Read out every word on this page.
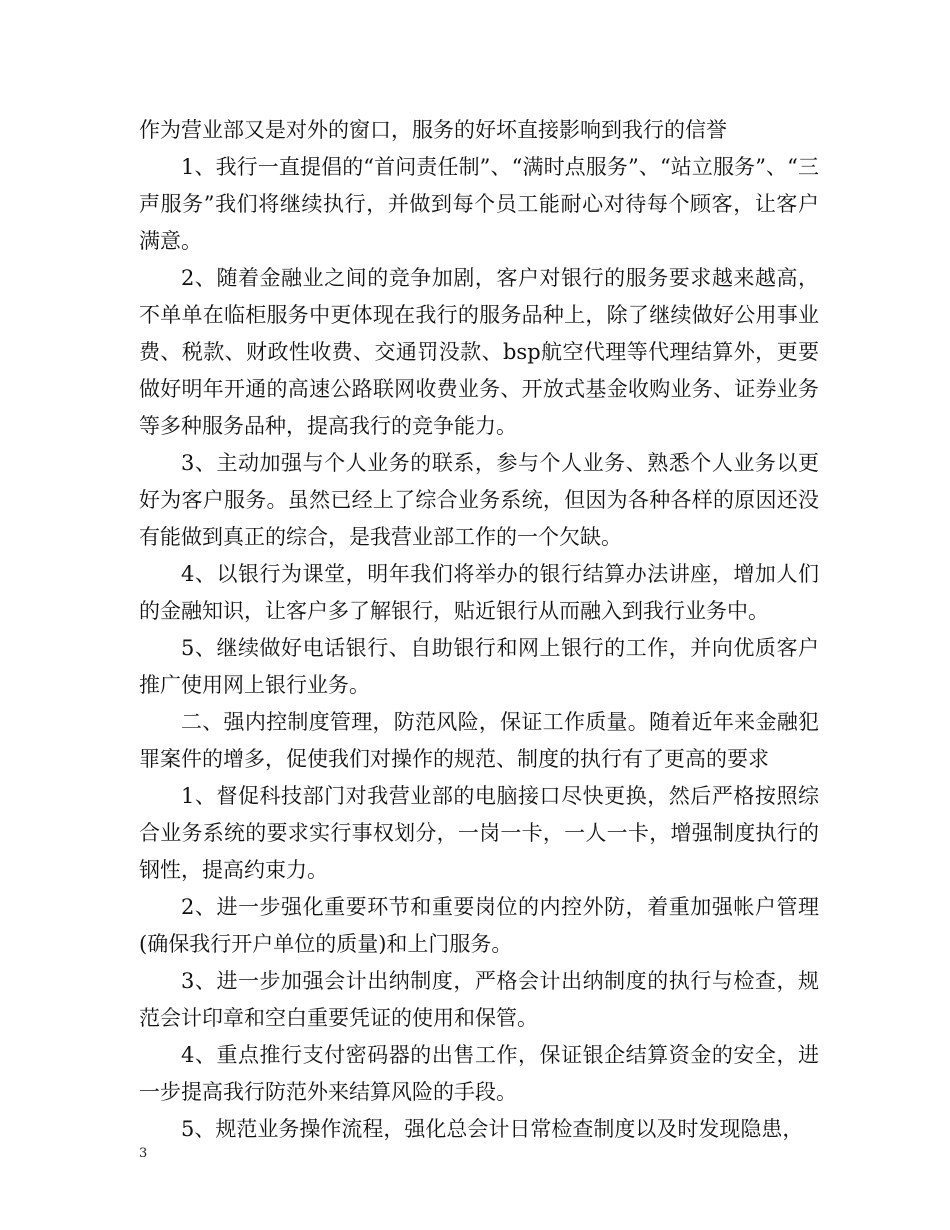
作为营业部又是对外的窗口，服务的好坏直接影响到我行的信誉

1、我行一直提倡的“首问责任制”、“满时点服务”、“站立服务”、“三声服务”我们将继续执行，并做到每个员工能耐心对待每个顾客，让客户满意。

2、随着金融业之间的竞争加剧，客户对银行的服务要求越来越高，不单单在临柜服务中更体现在我行的服务品种上，除了继续做好公用事业费、税款、财政性收费、交通罚没款、bsp航空代理等代理结算外，更要做好明年开通的高速公路联网收费业务、开放式基金收购业务、证券业务等多种服务品种，提高我行的竞争能力。

3、主动加强与个人业务的联系，参与个人业务、熟悉个人业务以更好为客户服务。虽然已经上了综合业务系统，但因为各种各样的原因还没有能做到真正的综合，是我营业部工作的一个欠缺。

4、以银行为课堂，明年我们将举办的银行结算办法讲座，增加人们的金融知识，让客户多了解银行，贴近银行从而融入到我行业务中。

5、继续做好电话银行、自助银行和网上银行的工作，并向优质客户推广使用网上银行业务。

二、强内控制度管理，防范风险，保证工作质量。随着近年来金融犯罪案件的增多，促使我们对操作的规范、制度的执行有了更高的要求

1、督促科技部门对我营业部的电脑接口尽快更换，然后严格按照综合业务系统的要求实行事权划分，一岗一卡，一人一卡，增强制度执行的钢性，提高约束力。

2、进一步强化重要环节和重要岗位的内控外防，着重加强帐户管理(确保我行开户单位的质量)和上门服务。

3、进一步加强会计出纳制度，严格会计出纳制度的执行与检查，规范会计印章和空白重要凭证的使用和保管。

4、重点推行支付密码器的出售工作，保证银企结算资金的安全，进一步提高我行防范外来结算风险的手段。

5、规范业务操作流程，强化总会计日常检查制度以及时发现隐患，

3
